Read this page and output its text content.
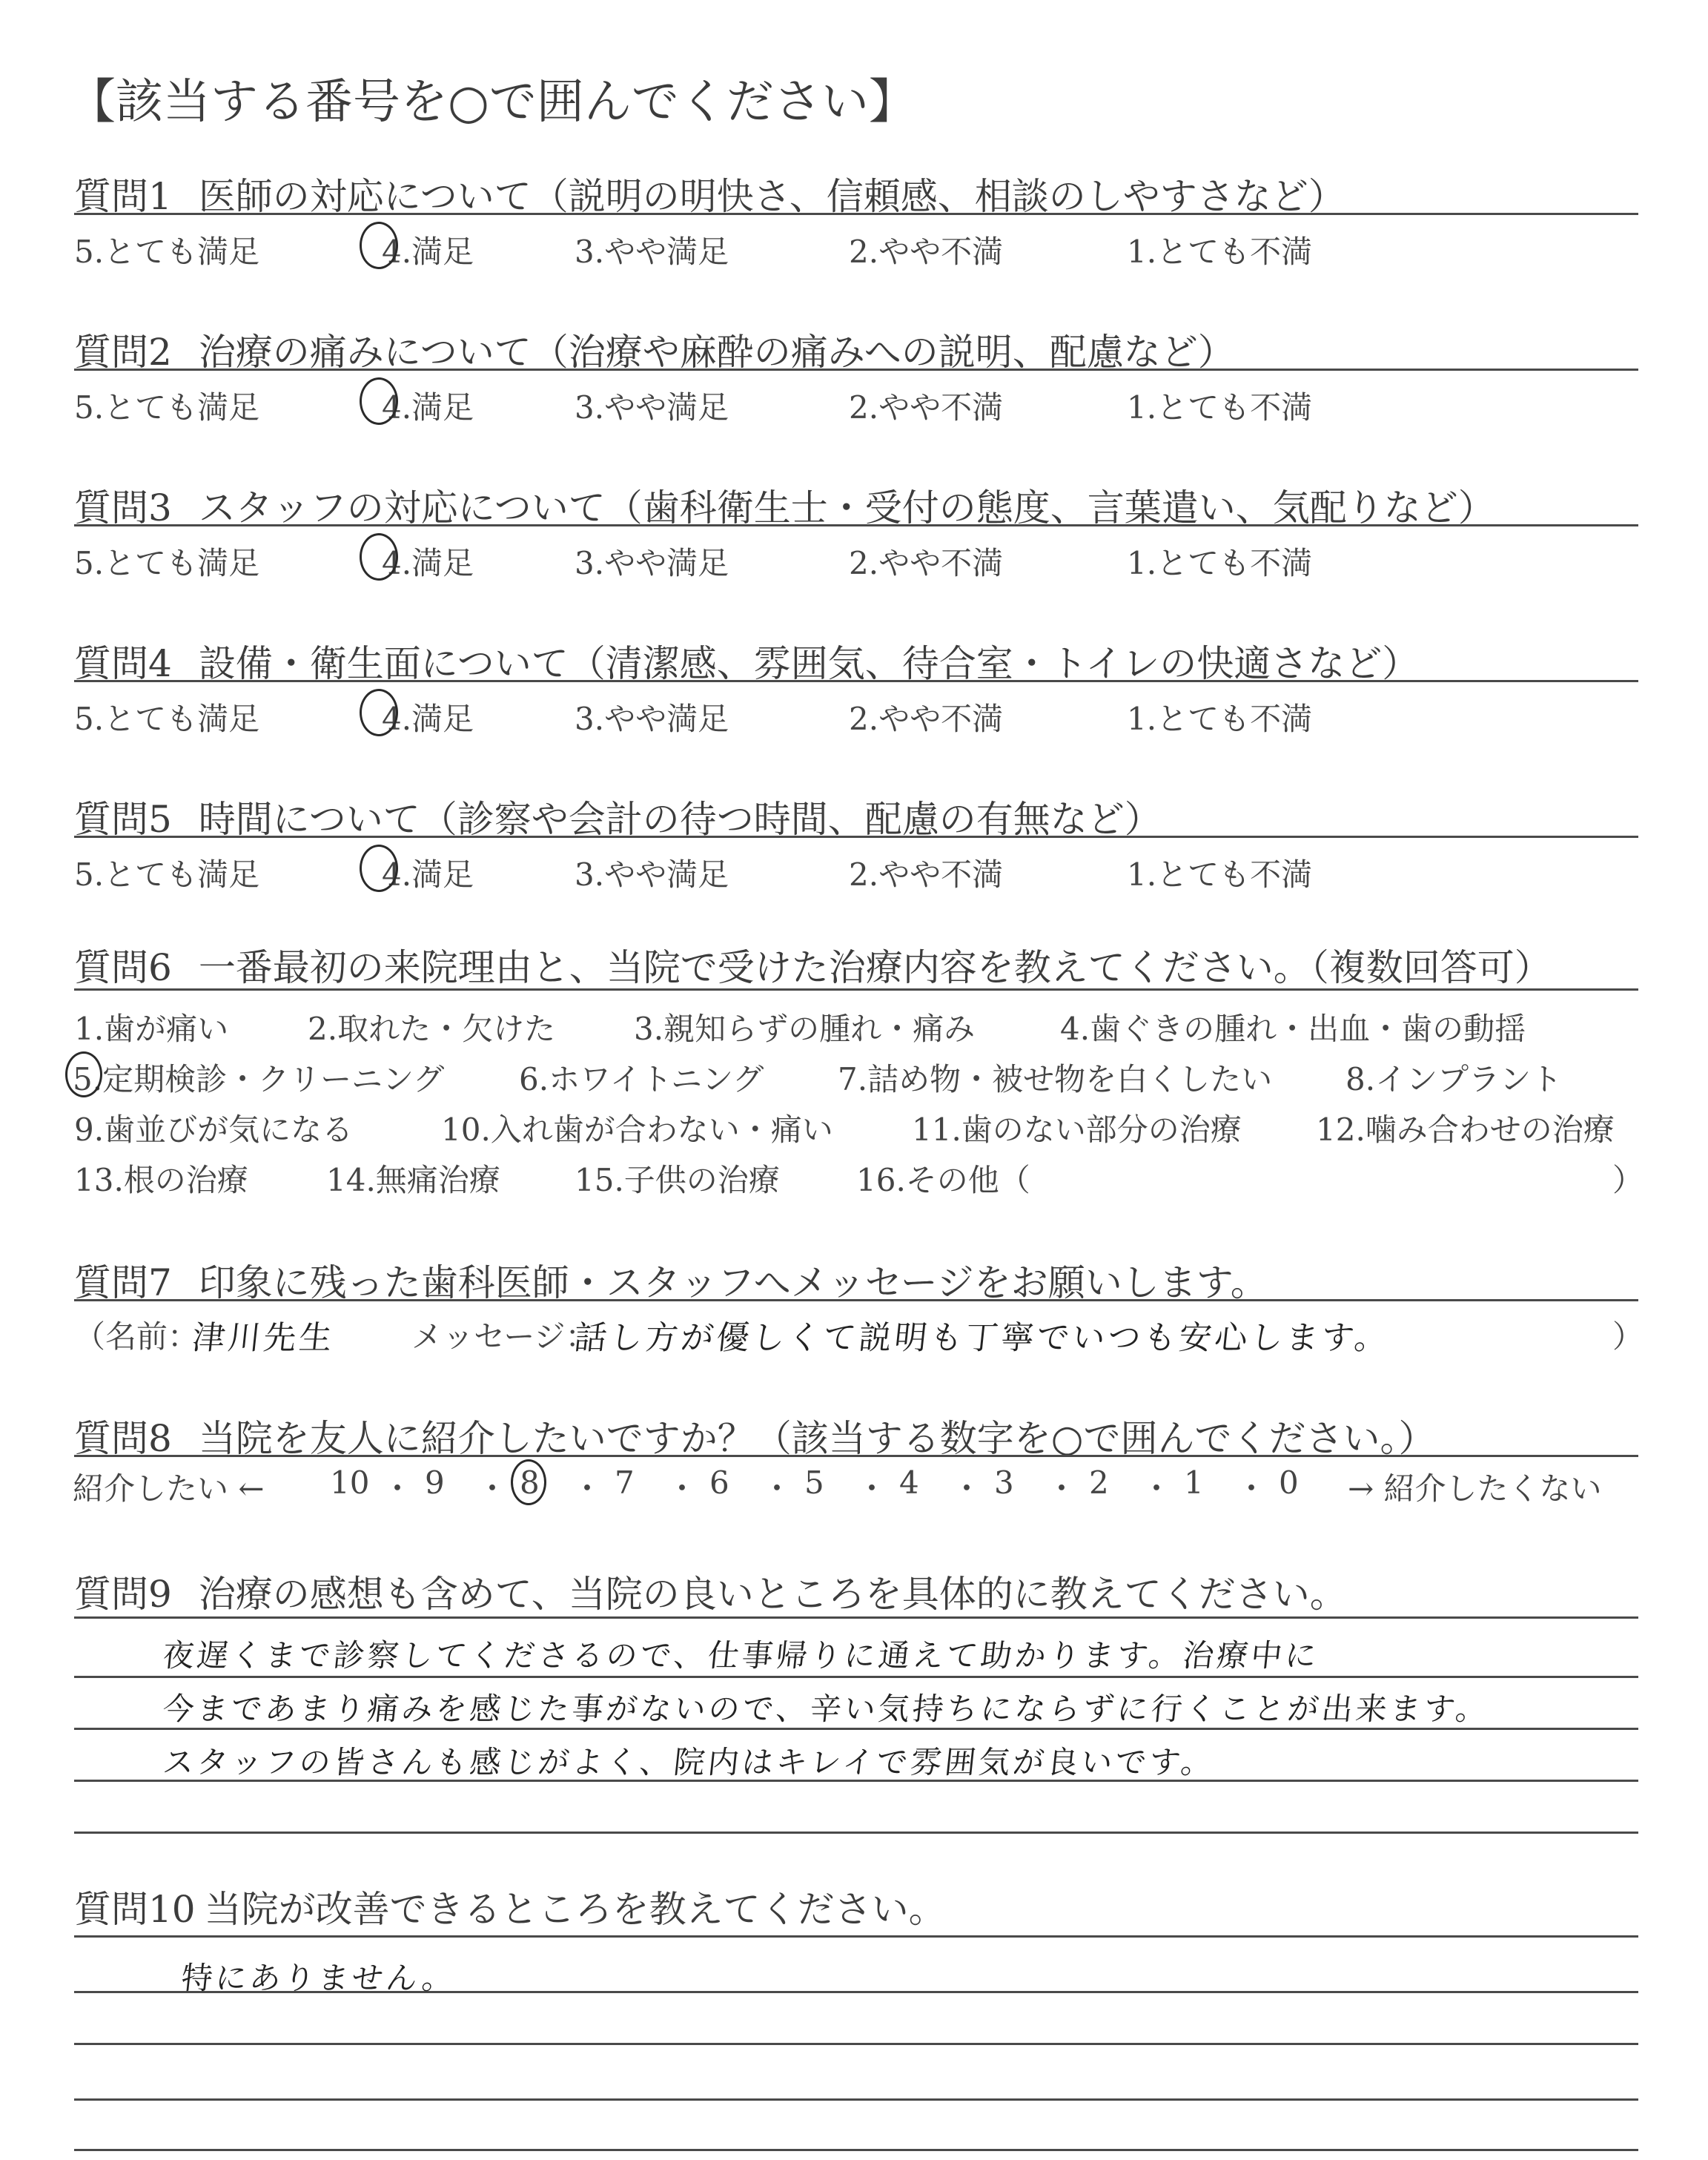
【該当する番号を○で囲んでください】
質問1 医師の対応について（説明の明快さ、信頼感、相談のしやすさなど）
5.とても満足	4.満足	3.やや満足	2.やや不満	1.とても不満
質問2 治療の痛みについて（治療や麻酔の痛みへの説明、配慮など）
5.とても満足	4.満足	3.やや満足	2.やや不満	1.とても不満
質問3 スタッフの対応について（歯科衛生士・受付の態度、言葉遣い、気配りなど）
5.とても満足	4.満足	3.やや満足	2.やや不満	1.とても不満
質問4 設備・衛生面について（清潔感、雰囲気、待合室・トイレの快適さなど）
5.とても満足	4.満足	3.やや満足	2.やや不満	1.とても不満
質問5 時間について（診察や会計の待つ時間、配慮の有無など）
5.とても満足	4.満足	3.やや満足	2.やや不満	1.とても不満
質問6 一番最初の来院理由と、当院で受けた治療内容を教えてください。（複数回答可）
1.歯が痛い	2.取れた・欠けた	3.親知らずの腫れ・痛み	4.歯ぐきの腫れ・出血・歯の動揺
5.定期検診・クリーニング 6.ホワイトニング 7.詰め物・被せ物を白くしたい 8.インプラント
9.歯並びが気になる	10.入れ歯が合わない・痛い	11.歯のない部分の治療 12.噛み合わせの治療
13.根の治療	14.無痛治療 15.子供の治療 16.その他（	）
質問7 印象に残った歯科医師・スタッフへメッセージをお願いします。
（名前：
津川先生 メッセージ：
話し方が優しくて説明も丁寧でいつも安心します。	）
質問8 当院を友人に紹介したいですか？（該当する数字を○で囲んでください。）
紹介したい ← 10 ・ 9 ・ 8 ・ 7 ・ 6 ・ 5 ・ 4 ・ 3 ・ 2 ・ 1 ・ 0 → 紹介したくない
質問9 治療の感想も含めて、当院の良いところを具体的に教えてください。
夜遅くまで診察してくださるので、仕事帰りに通えて助かります。治療中に
今まであまり痛みを感じた事がないので、辛い気持ちにならずに行くことが出来ます。
スタッフの皆さんも感じがよく、院内はキレイで雰囲気が良いです。
質問10 当院が改善できるところを教えてください。
特にありません。
